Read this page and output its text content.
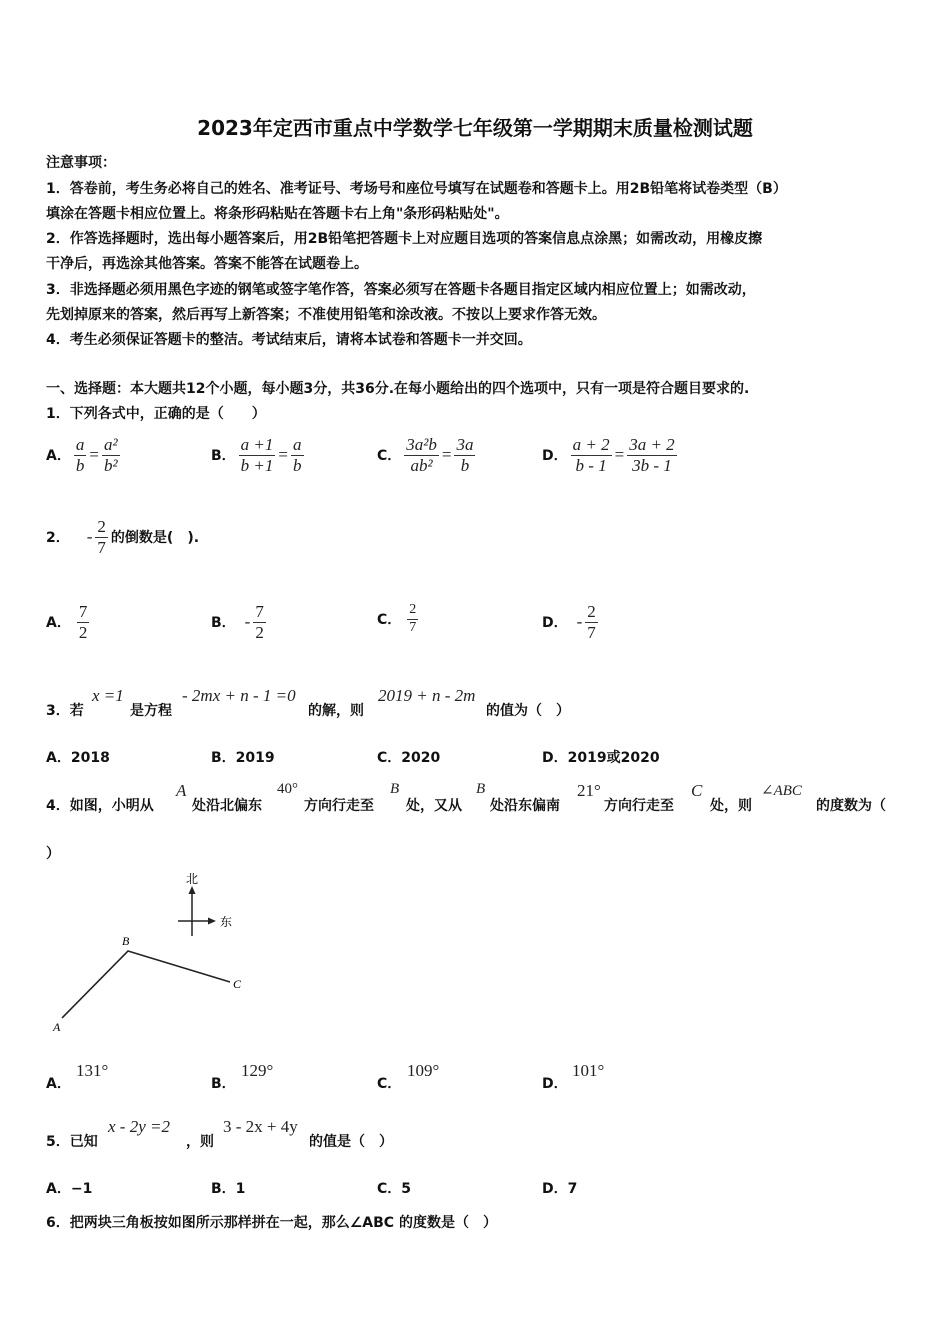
2023年定西市重点中学数学七年级第一学期期末质量检测试题
注意事项：
1．答卷前，考生务必将自己的姓名、准考证号、考场号和座位号填写在试题卷和答题卡上。用2B铅笔将试卷类型（B）
填涂在答题卡相应位置上。将条形码粘贴在答题卡右上角"条形码粘贴处"。
2．作答选择题时，选出每小题答案后，用2B铅笔把答题卡上对应题目选项的答案信息点涂黑；如需改动，用橡皮擦
干净后，再选涂其他答案。答案不能答在试题卷上。
3．非选择题必须用黑色字迹的钢笔或签字笔作答，答案必须写在答题卡各题目指定区域内相应位置上；如需改动，
先划掉原来的答案，然后再写上新答案；不准使用铅笔和涂改液。不按以上要求作答无效。
4．考生必须保证答题卡的整洁。考试结束后，请将本试卷和答题卡一并交回。
一、选择题：本大题共12个小题，每小题3分，共36分.在每小题给出的四个选项中，只有一项是符合题目要求的.
1．下列各式中，正确的是（　　）
A． $\frac{a}{b} = \frac{\text{a²}}{\text{b²}}$	B． $\frac{a +1}{b +1} = \frac{a}{b}$	C． $\frac{\text{3a²b}}{\text{ab²}} = \frac{3a}{b}$	D． $\frac{a + 2}{b - 1} = \frac{3a + 2}{3b - 1}$
2． - $\frac{2}{7}$ 的倒数是(　).
A． $\frac{7}{2}$	B． - $\frac{7}{2}$	C． $\frac{2}{7}$	D． - $\frac{2}{7}$
3．若
x =1
是方程
- 2mx + n - 1 =0
的解，则
2019 + n - 2m
的值为（　）
A．2018	B．2019	C．2020	D．2019或2020
4．如图，小明从
A
处沿北偏东
40°
方向行走至
B
处，又从
B
处沿东偏南
21°
方向行走至
C
处，则
∠ABC
的度数为（
）
北
东
A
B
C
A．
131°
B．
129°
C．
109°
D．
101°
5．已知
x - 2y =2
，则
3 - 2x + 4y
的值是（　）
A．−1	B．1	C．5	D．7
6．把两块三角板按如图所示那样拼在一起，那么∠ABC 的度数是（　）
